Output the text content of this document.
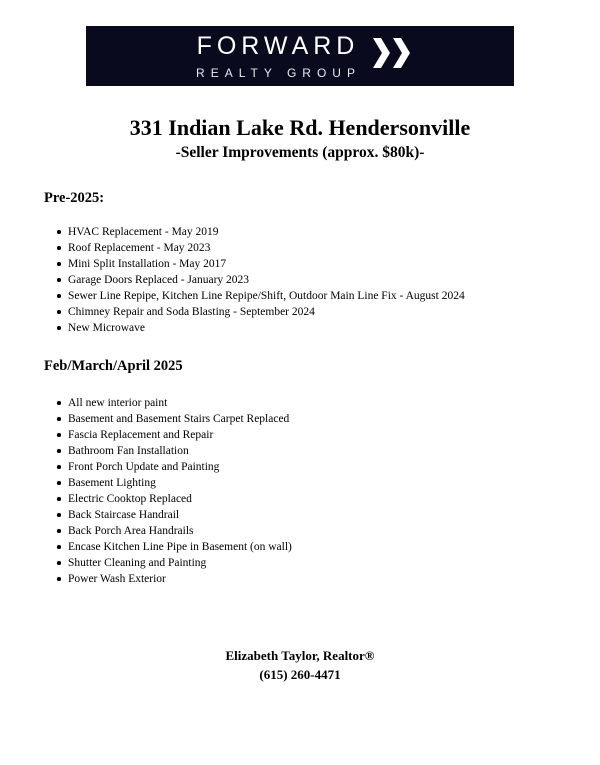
FORWARD
REALTY GROUP
331 Indian Lake Rd. Hendersonville
-Seller Improvements (approx. $80k)-
Pre-2025:
HVAC Replacement - May 2019
Roof Replacement - May 2023
Mini Split Installation - May 2017
Garage Doors Replaced - January 2023
Sewer Line Repipe, Kitchen Line Repipe/Shift, Outdoor Main Line Fix - August 2024
Chimney Repair and Soda Blasting - September 2024
New Microwave
Feb/March/April 2025
All new interior paint
Basement and Basement Stairs Carpet Replaced
Fascia Replacement and Repair
Bathroom Fan Installation
Front Porch Update and Painting
Basement Lighting
Electric Cooktop Replaced
Back Staircase Handrail
Back Porch Area Handrails
Encase Kitchen Line Pipe in Basement (on wall)
Shutter Cleaning and Painting
Power Wash Exterior
Elizabeth Taylor, Realtor®
(615) 260-4471
